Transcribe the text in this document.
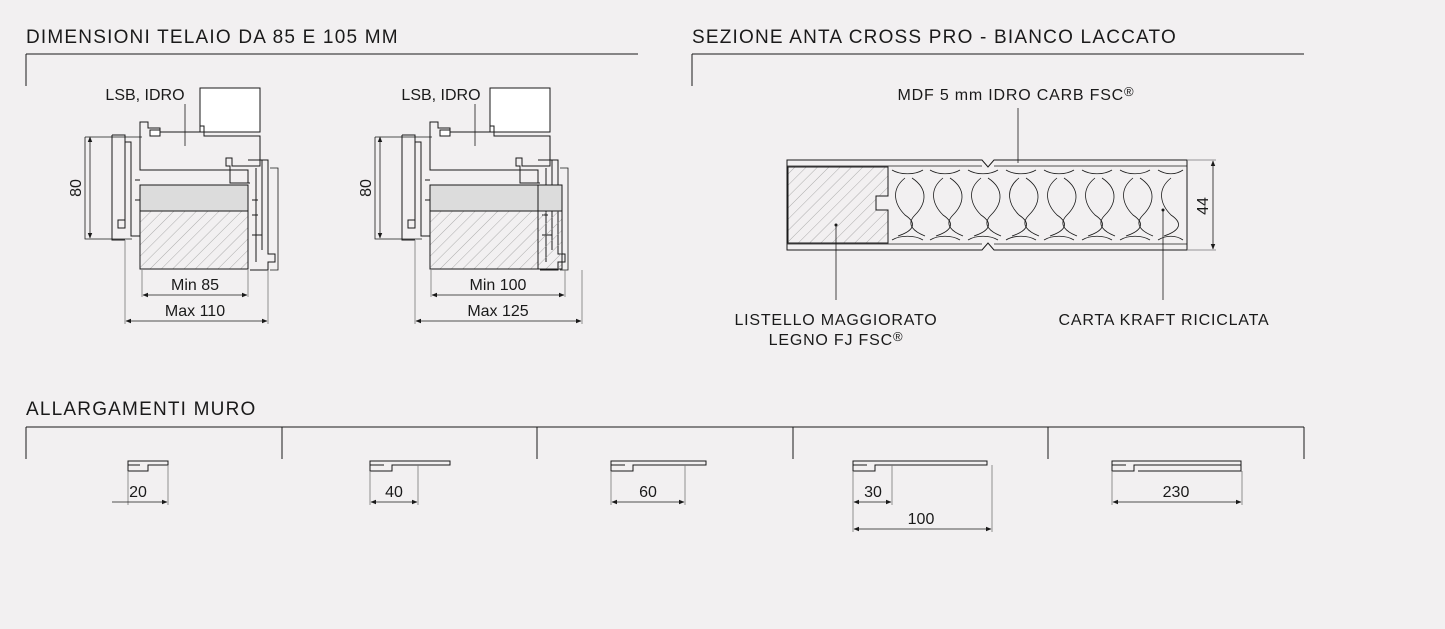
DIMENSIONI TELAIO DA 85 E 105 MM	SEZIONE ANTA CROSS PRO - BIANCO LACCATO
ALLARGAMENTI MURO
LSB, IDRO
80
Min 85
Max 110
LSB, IDRO
80
Min 100
Max 125
44
MDF 5 mm IDRO CARB FSC®
LISTELLO MAGGIORATO
LEGNO FJ FSC®
CARTA KRAFT RICICLATA
20	40	60	30
100
230
